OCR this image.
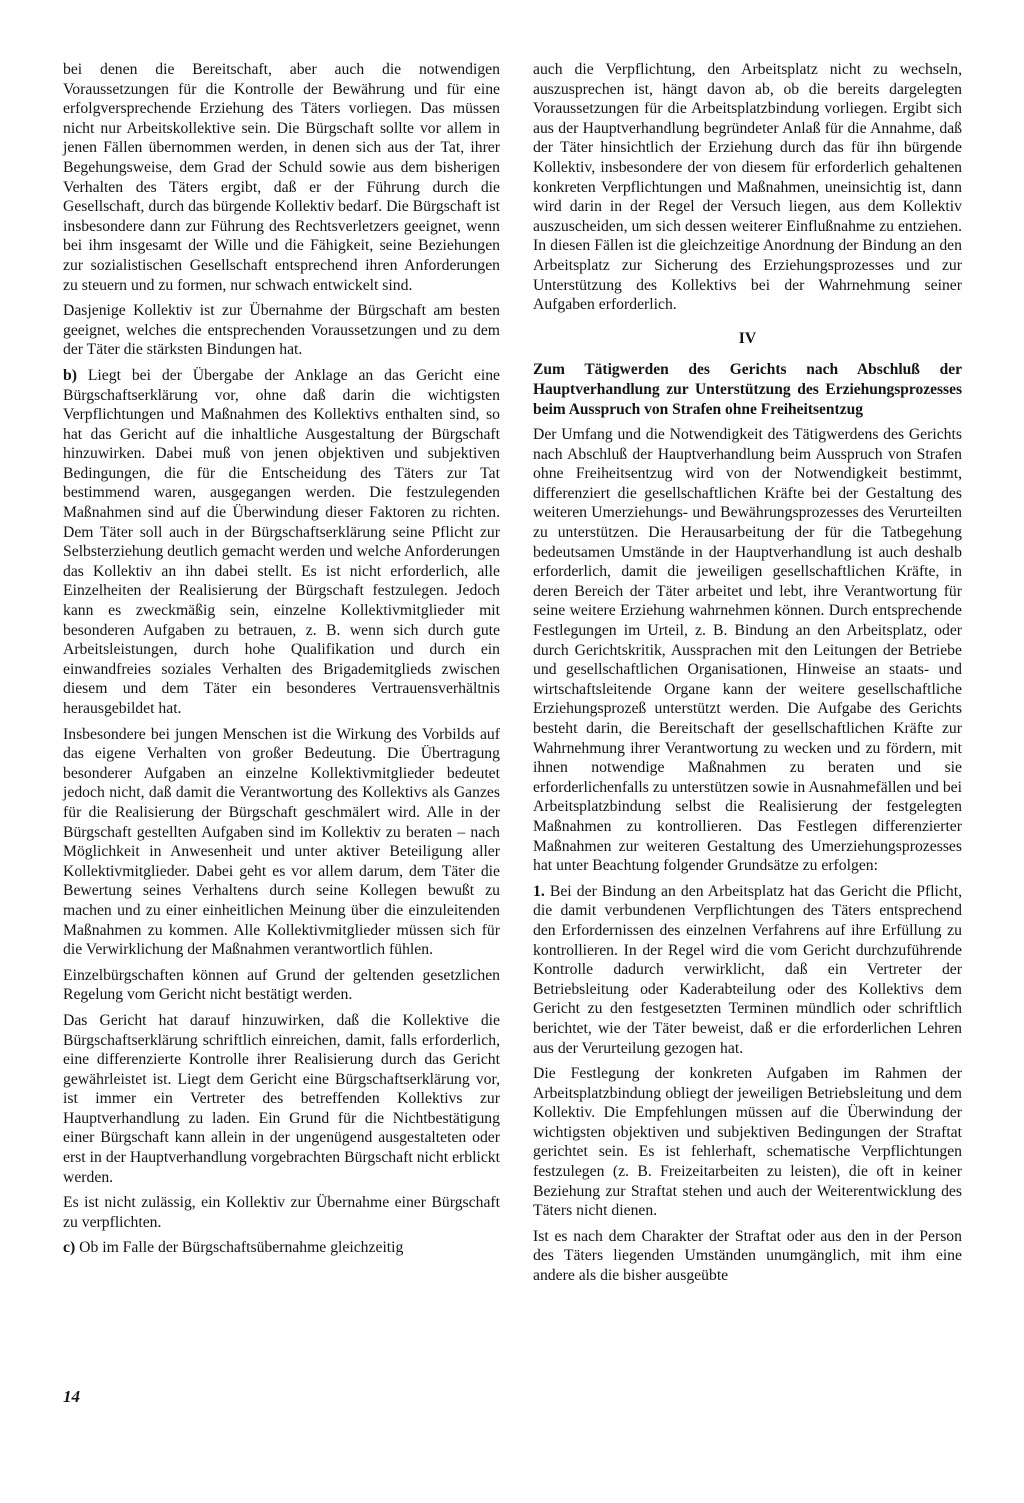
bei denen die Bereitschaft, aber auch die notwendigen Voraussetzungen für die Kontrolle der Bewährung und für eine erfolgversprechende Erziehung des Täters vorliegen. Das müssen nicht nur Arbeitskollektive sein. Die Bürgschaft sollte vor allem in jenen Fällen übernommen werden, in denen sich aus der Tat, ihrer Begehungsweise, dem Grad der Schuld sowie aus dem bisherigen Verhalten des Täters ergibt, daß er der Führung durch die Gesellschaft, durch das bürgende Kollektiv bedarf. Die Bürgschaft ist insbesondere dann zur Führung des Rechtsverletzers geeignet, wenn bei ihm insgesamt der Wille und die Fähigkeit, seine Beziehungen zur sozialistischen Gesellschaft entsprechend ihren Anforderungen zu steuern und zu formen, nur schwach entwickelt sind.

Dasjenige Kollektiv ist zur Übernahme der Bürgschaft am besten geeignet, welches die entsprechenden Voraussetzungen und zu dem der Täter die stärksten Bindungen hat.

b) Liegt bei der Übergabe der Anklage an das Gericht eine Bürgschaftserklärung vor, ohne daß darin die wichtigsten Verpflichtungen und Maßnahmen des Kollektivs enthalten sind, so hat das Gericht auf die inhaltliche Ausgestaltung der Bürgschaft hinzuwirken. Dabei muß von jenen objektiven und subjektiven Bedingungen, die für die Entscheidung des Täters zur Tat bestimmend waren, ausgegangen werden. Die festzulegenden Maßnahmen sind auf die Überwindung dieser Faktoren zu richten. Dem Täter soll auch in der Bürgschaftserklärung seine Pflicht zur Selbsterziehung deutlich gemacht werden und welche Anforderungen das Kollektiv an ihn dabei stellt. Es ist nicht erforderlich, alle Einzelheiten der Realisierung der Bürgschaft festzulegen. Jedoch kann es zweckmäßig sein, einzelne Kollektivmitglieder mit besonderen Aufgaben zu betrauen, z. B. wenn sich durch gute Arbeitsleistungen, durch hohe Qualifikation und durch ein einwandfreies soziales Verhalten des Brigademitglieds zwischen diesem und dem Täter ein besonderes Vertrauensverhältnis herausgebildet hat.

Insbesondere bei jungen Menschen ist die Wirkung des Vorbilds auf das eigene Verhalten von großer Bedeutung. Die Übertragung besonderer Aufgaben an einzelne Kollektivmitglieder bedeutet jedoch nicht, daß damit die Verantwortung des Kollektivs als Ganzes für die Realisierung der Bürgschaft geschmälert wird. Alle in der Bürgschaft gestellten Aufgaben sind im Kollektiv zu beraten – nach Möglichkeit in Anwesenheit und unter aktiver Beteiligung aller Kollektivmitglieder. Dabei geht es vor allem darum, dem Täter die Bewertung seines Verhaltens durch seine Kollegen bewußt zu machen und zu einer einheitlichen Meinung über die einzuleitenden Maßnahmen zu kommen. Alle Kollektivmitglieder müssen sich für die Verwirklichung der Maßnahmen verantwortlich fühlen.

Einzelbürgschaften können auf Grund der geltenden gesetzlichen Regelung vom Gericht nicht bestätigt werden.

Das Gericht hat darauf hinzuwirken, daß die Kollektive die Bürgschaftserklärung schriftlich einreichen, damit, falls erforderlich, eine differenzierte Kontrolle ihrer Realisierung durch das Gericht gewährleistet ist. Liegt dem Gericht eine Bürgschaftserklärung vor, ist immer ein Vertreter des betreffenden Kollektivs zur Hauptverhandlung zu laden. Ein Grund für die Nichtbestätigung einer Bürgschaft kann allein in der ungenügend ausgestalteten oder erst in der Hauptverhandlung vorgebrachten Bürgschaft nicht erblickt werden.

Es ist nicht zulässig, ein Kollektiv zur Übernahme einer Bürgschaft zu verpflichten.

c) Ob im Falle der Bürgschaftsübernahme gleichzeitig

auch die Verpflichtung, den Arbeitsplatz nicht zu wechseln, auszusprechen ist, hängt davon ab, ob die bereits dargelegten Voraussetzungen für die Arbeitsplatzbindung vorliegen. Ergibt sich aus der Hauptverhandlung begründeter Anlaß für die Annahme, daß der Täter hinsichtlich der Erziehung durch das für ihn bürgende Kollektiv, insbesondere der von diesem für erforderlich gehaltenen konkreten Verpflichtungen und Maßnahmen, uneinsichtig ist, dann wird darin in der Regel der Versuch liegen, aus dem Kollektiv auszuscheiden, um sich dessen weiterer Einflußnahme zu entziehen. In diesen Fällen ist die gleichzeitige Anordnung der Bindung an den Arbeitsplatz zur Sicherung des Erziehungsprozesses und zur Unterstützung des Kollektivs bei der Wahrnehmung seiner Aufgaben erforderlich.

IV
Zum Tätigwerden des Gerichts nach Abschluß der Hauptverhandlung zur Unterstützung des Erziehungsprozesses beim Ausspruch von Strafen ohne Freiheitsentzug

Der Umfang und die Notwendigkeit des Tätigwerdens des Gerichts nach Abschluß der Hauptverhandlung beim Ausspruch von Strafen ohne Freiheitsentzug wird von der Notwendigkeit bestimmt, differenziert die gesellschaftlichen Kräfte bei der Gestaltung des weiteren Umerziehungs- und Bewährungsprozesses des Verurteilten zu unterstützen. Die Herausarbeitung der für die Tatbegehung bedeutsamen Umstände in der Hauptverhandlung ist auch deshalb erforderlich, damit die jeweiligen gesellschaftlichen Kräfte, in deren Bereich der Täter arbeitet und lebt, ihre Verantwortung für seine weitere Erziehung wahrnehmen können. Durch entsprechende Festlegungen im Urteil, z. B. Bindung an den Arbeitsplatz, oder durch Gerichtskritik, Aussprachen mit den Leitungen der Betriebe und gesellschaftlichen Organisationen, Hinweise an staats- und wirtschaftsleitende Organe kann der weitere gesellschaftliche Erziehungsprozeß unterstützt werden. Die Aufgabe des Gerichts besteht darin, die Bereitschaft der gesellschaftlichen Kräfte zur Wahrnehmung ihrer Verantwortung zu wecken und zu fördern, mit ihnen notwendige Maßnahmen zu beraten und sie erforderlichenfalls zu unterstützen sowie in Ausnahmefällen und bei Arbeitsplatzbindung selbst die Realisierung der festgelegten Maßnahmen zu kontrollieren. Das Festlegen differenzierter Maßnahmen zur weiteren Gestaltung des Umerziehungsprozesses hat unter Beachtung folgender Grundsätze zu erfolgen:

1. Bei der Bindung an den Arbeitsplatz hat das Gericht die Pflicht, die damit verbundenen Verpflichtungen des Täters entsprechend den Erfordernissen des einzelnen Verfahrens auf ihre Erfüllung zu kontrollieren. In der Regel wird die vom Gericht durchzuführende Kontrolle dadurch verwirklicht, daß ein Vertreter der Betriebsleitung oder Kaderabteilung oder des Kollektivs dem Gericht zu den festgesetzten Terminen mündlich oder schriftlich berichtet, wie der Täter beweist, daß er die erforderlichen Lehren aus der Verurteilung gezogen hat.

Die Festlegung der konkreten Aufgaben im Rahmen der Arbeitsplatzbindung obliegt der jeweiligen Betriebsleitung und dem Kollektiv. Die Empfehlungen müssen auf die Überwindung der wichtigsten objektiven und subjektiven Bedingungen der Straftat gerichtet sein. Es ist fehlerhaft, schematische Verpflichtungen festzulegen (z. B. Freizeitarbeiten zu leisten), die oft in keiner Beziehung zur Straftat stehen und auch der Weiterentwicklung des Täters nicht dienen.

Ist es nach dem Charakter der Straftat oder aus den in der Person des Täters liegenden Umständen unumgänglich, mit ihm eine andere als die bisher ausgeübte

14
